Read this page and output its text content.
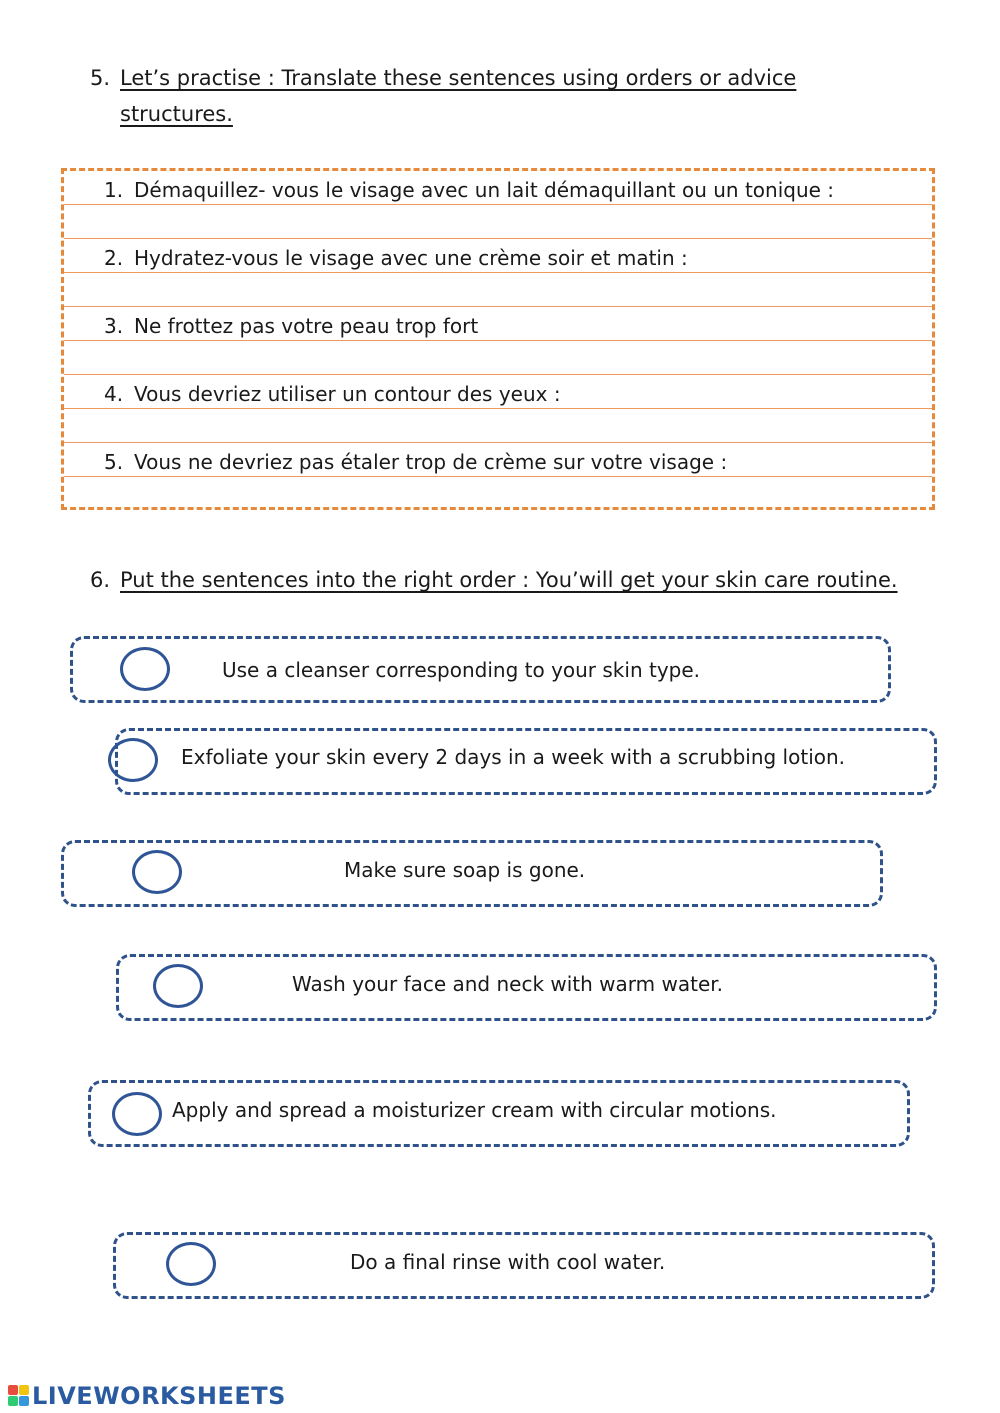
5. Let’s practise : Translate these sentences using orders or advice
structures.
1. Démaquillez- vous le visage avec un lait démaquillant ou un tonique :
2. Hydratez-vous le visage avec une crème soir et matin :
3. Ne frottez pas votre peau trop fort
4. Vous devriez utiliser un contour des yeux :
5. Vous ne devriez pas étaler trop de crème sur votre visage :
6. Put the sentences into the right order : You’will get your skin care routine.
Use a cleanser corresponding to your skin type.
Exfoliate your skin every 2 days in a week with a scrubbing lotion.
Make sure soap is gone.
Wash your face and neck with warm water.
Apply and spread a moisturizer cream with circular motions.
Do a final rinse with cool water.
LIVEWORKSHEETS
